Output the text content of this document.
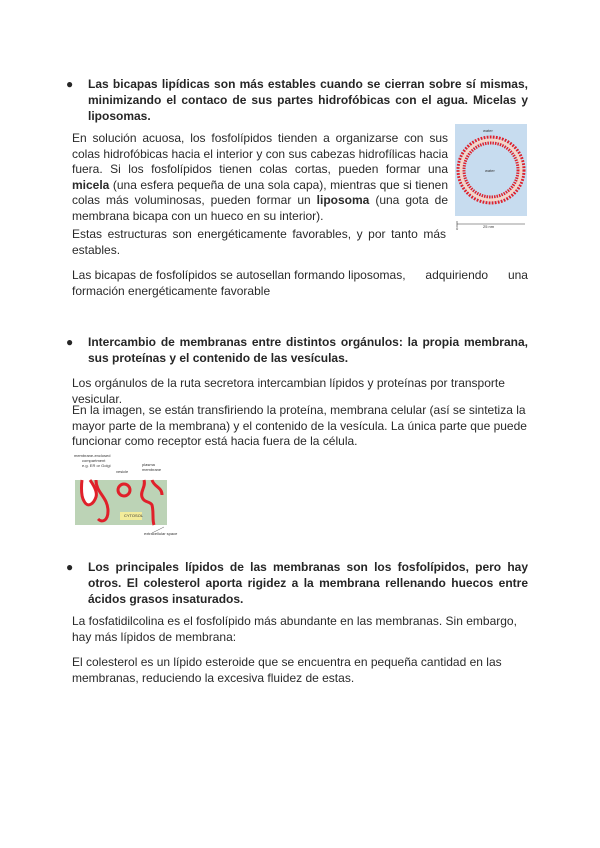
● Las bicapas lipídicas son más estables cuando se cierran sobre sí mismas, minimizando el contaco de sus partes hidrofóbicas con el agua. Micelas y liposomas.
En solución acuosa, los fosfolípidos tienden a organizarse con sus colas hidrofóbicas hacia el interior y con sus cabezas hidrofílicas hacia fuera. Si los fosfolípidos tienen colas cortas, pueden formar una micela (una esfera pequeña de una sola capa), mientras que si tienen colas más voluminosas, pueden formar un liposoma (una gota de membrana bicapa con un hueco en su interior).
water
water
0	25 nm
Estas estructuras son energéticamente favorables, y por tanto más estables.
Las bicapas de fosfolípidos se autosellan formando liposomas, adquiriendo una
formación energéticamente favorable
● Intercambio de membranas entre distintos orgánulos: la propia membrana, sus proteínas y el contenido de las vesículas.
Los orgánulos de la ruta secretora intercambian lípidos y proteínas por transporte vesicular.
En la imagen, se están transfiriendo la proteína, membrana celular (así se sintetiza la mayor parte de la membrana) y el contenido de la vesícula. La única parte que puede funcionar como receptor está hacia fuera de la célula.
membrane-enclosed
compartment
e.g. ER or Golgi
vesicle
plasma
membrane
CYTOSOL
extracellular space
● Los principales lípidos de las membranas son los fosfolípidos, pero hay otros. El colesterol aporta rigidez a la membrana rellenando huecos entre ácidos grasos insaturados.
La fosfatidilcolina es el fosfolípido más abundante en las membranas. Sin embargo, hay más lípidos de membrana:
El colesterol es un lípido esteroide que se encuentra en pequeña cantidad en las membranas, reduciendo la excesiva fluidez de estas.
